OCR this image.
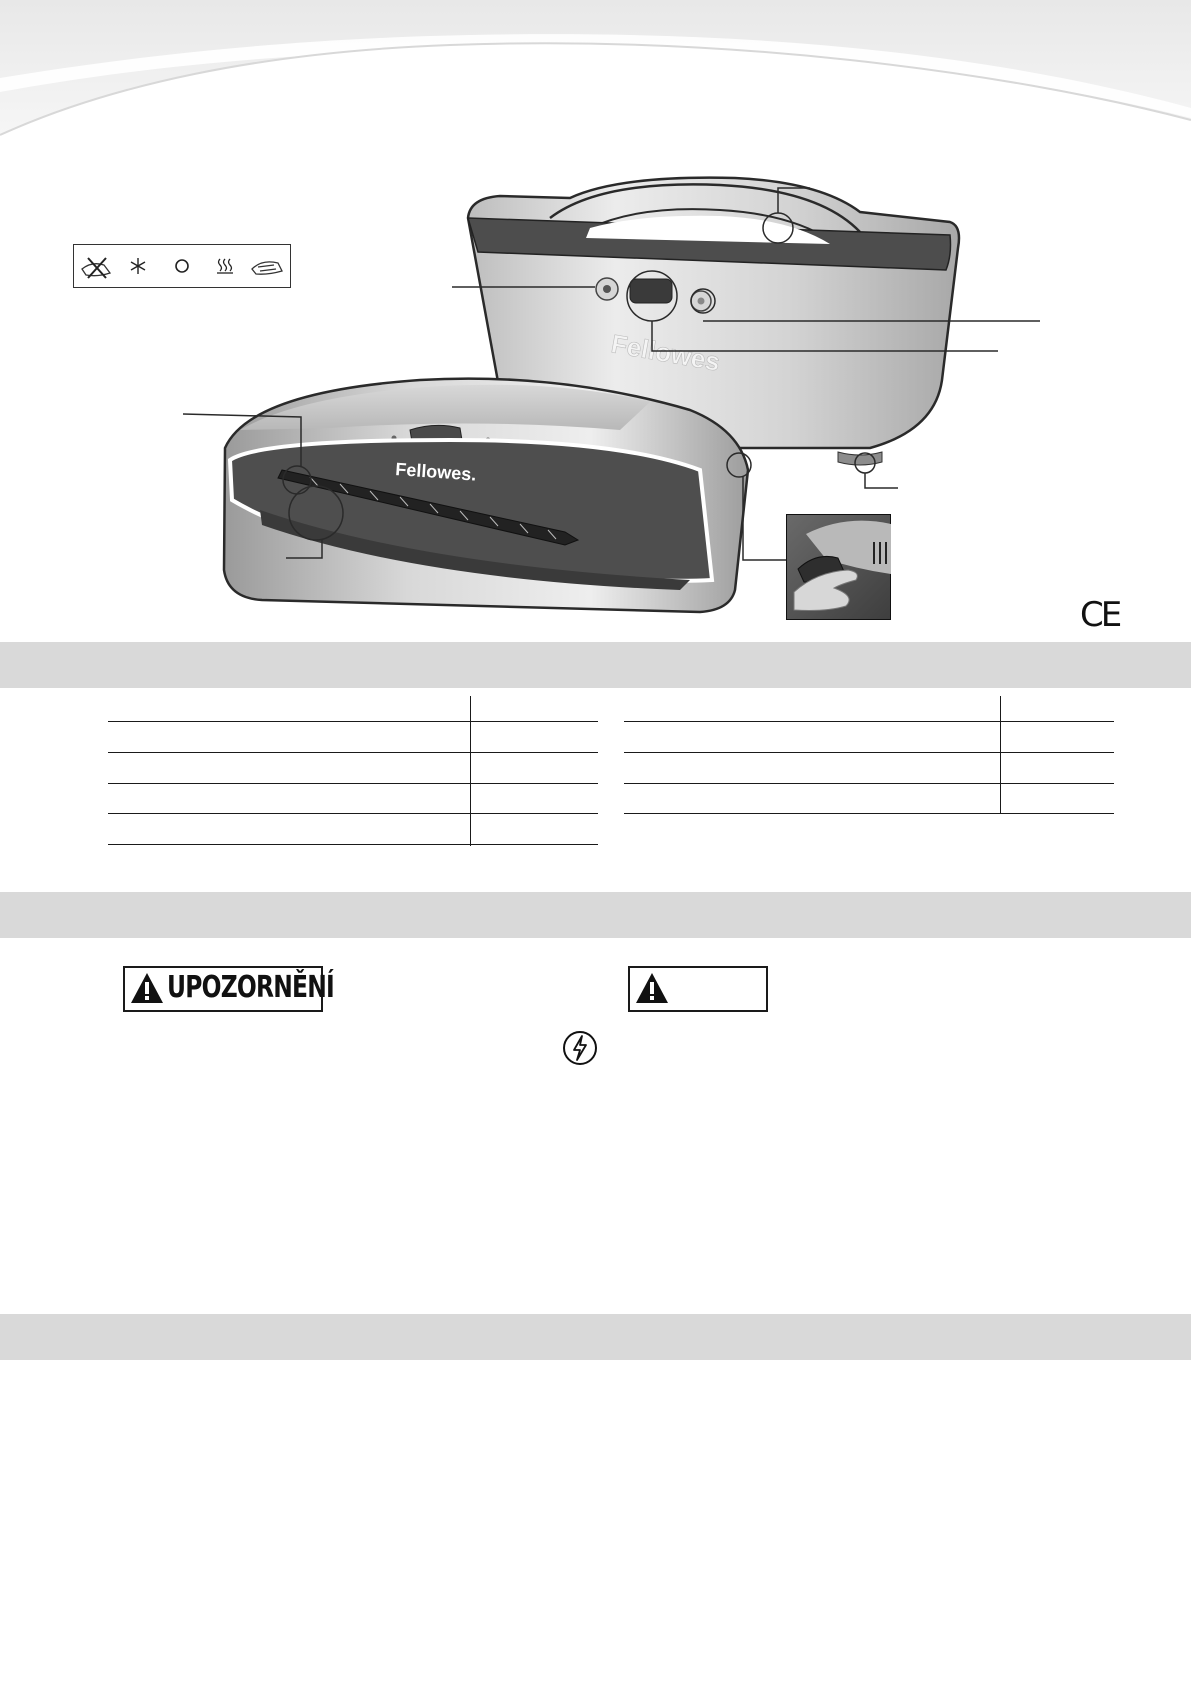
Fellowes
Fellowes.
CE
UPOZORNĚNÍ
